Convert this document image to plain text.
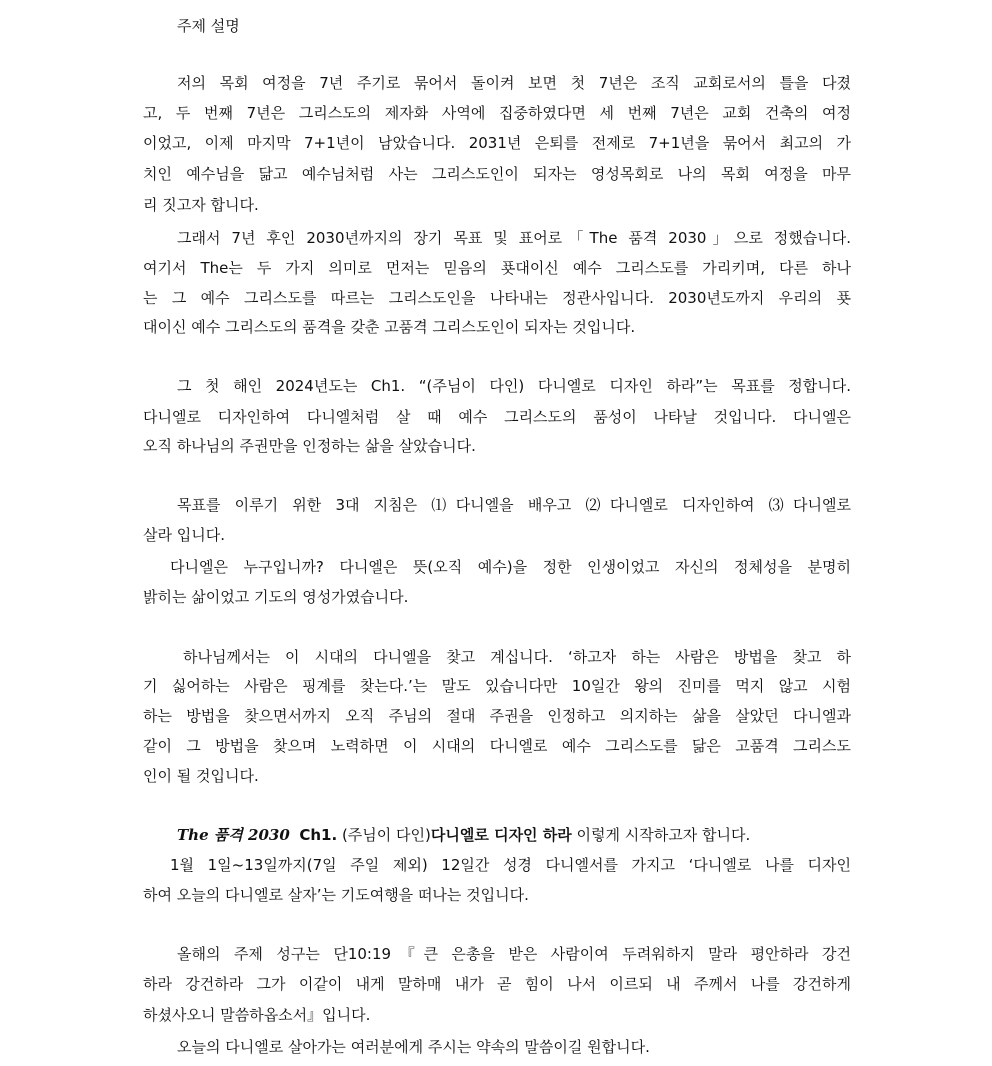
주제 설명
저의 목회 여정을 7년 주기로 묶어서 돌이켜 보면 첫 7년은 조직 교회로서의 틀을 다졌
고, 두 번째 7년은 그리스도의 제자화 사역에 집중하였다면 세 번째 7년은 교회 건축의 여정
이었고, 이제 마지막 7+1년이 남았습니다. 2031년 은퇴를 전제로 7+1년을 묶어서 최고의 가
치인 예수님을 닮고 예수님처럼 사는 그리스도인이 되자는 영성목회로 나의 목회 여정을 마무
리 짓고자 합니다.
그래서 7년 후인 2030년까지의 장기 목표 및 표어로「The 품격 2030」으로 정했습니다.
여기서 The는 두 가지 의미로 먼저는 믿음의 푯대이신 예수 그리스도를 가리키며, 다른 하나
는 그 예수 그리스도를 따르는 그리스도인을 나타내는 정관사입니다. 2030년도까지 우리의 푯
대이신 예수 그리스도의 품격을 갖춘 고품격 그리스도인이 되자는 것입니다.
그 첫 해인 2024년도는 Ch1. “(주님이 다인) 다니엘로 디자인 하라”는 목표를 정합니다.
다니엘로 디자인하여 다니엘처럼 살 때 예수 그리스도의 품성이 나타날 것입니다. 다니엘은
오직 하나님의 주권만을 인정하는 삶을 살았습니다.
목표를 이루기 위한 3대 지침은 ⑴다니엘을 배우고 ⑵다니엘로 디자인하여 ⑶다니엘로
살라 입니다.
다니엘은 누구입니까? 다니엘은 뜻(오직 예수)을 정한 인생이었고 자신의 정체성을 분명히
밝히는 삶이었고 기도의 영성가였습니다.
하나님께서는 이 시대의 다니엘을 찾고 계십니다. ‘하고자 하는 사람은 방법을 찾고 하
기 싫어하는 사람은 핑계를 찾는다.’는 말도 있습니다만 10일간 왕의 진미를 먹지 않고 시험
하는 방법을 찾으면서까지 오직 주님의 절대 주권을 인정하고 의지하는 삶을 살았던 다니엘과
같이 그 방법을 찾으며 노력하면 이 시대의 다니엘로 예수 그리스도를 닮은 고품격 그리스도
인이 될 것입니다.
The 품격 2030 Ch1. (주님이 다인)다니엘로 디자인 하라 이렇게 시작하고자 합니다.
1월 1일~13일까지(7일 주일 제외) 12일간 성경 다니엘서를 가지고 ‘다니엘로 나를 디자인
하여 오늘의 다니엘로 살자’는 기도여행을 떠나는 것입니다.
올해의 주제 성구는 단10:19『큰 은총을 받은 사람이여 두려워하지 말라 평안하라 강건
하라 강건하라 그가 이같이 내게 말하매 내가 곧 힘이 나서 이르되 내 주께서 나를 강건하게
하셨사오니 말씀하옵소서』입니다.
오늘의 다니엘로 살아가는 여러분에게 주시는 약속의 말씀이길 원합니다.
